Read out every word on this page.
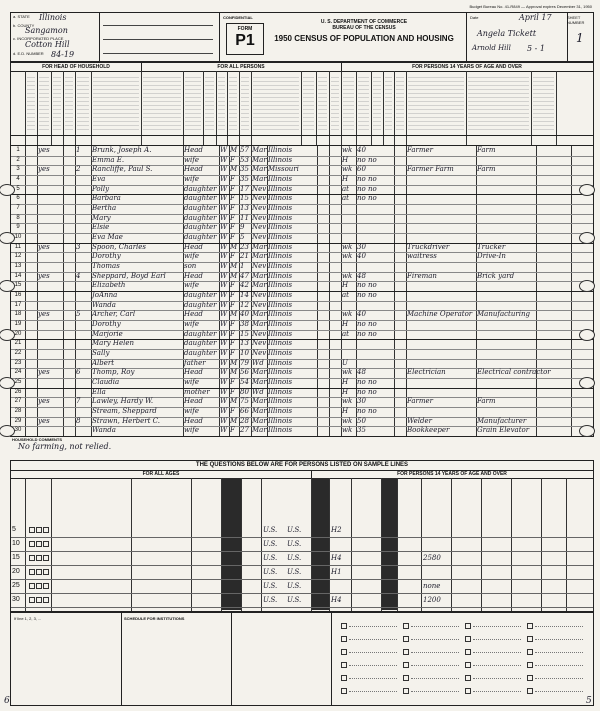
Budget Bureau No. 41-R849 — Approval expires December 31, 1950
a. STATE Illinois
b. COUNTY
Sangamon
c. INCORPORATED PLACE
Cotton Hill
d. E.D. NUMBER 84-19
FORM
P1
CONFIDENTIAL
U. S. DEPARTMENT OF COMMERCE
BUREAU OF THE CENSUS
1950 CENSUS OF POPULATION AND HOUSING
Date	April 17
Angela Tickett
Arnold Hill 5 - 1
SHEET NUMBER
1
FOR HEAD OF HOUSEHOLD	FOR ALL PERSONS	FOR PERSONS 14 YEARS OF AGE AND OVER
1	yes	1	Brunk, Joseph A.	Head	W M 57 Mar Illinois	wk 40	Farmer	Farm
2	Emma E.	wife	W F 53 Mar Illinois	H	no no
3	yes	2	Rancliffe, Paul S.	Head	W M 35 Mar Missouri	wk 60	Farmer Farm	Farm
4	Eva	wife	W F 35 Mar Illinois	H	no no
5	Polly	daughter W F 17 Nev Illinois	at	no no
6	Barbara	daughter W F 15 Nev Illinois	at	no no
7	Bertha	daughter W F 13 Nev Illinois
8	Mary	daughter W F 11 Nev Illinois
9	Elsie	daughter W F 9	Nev Illinois
10	Eva Mae	daughter W F 5	Nev Illinois
11	yes	3	Spoon, Charles	Head	W M 23 Mar Illinois	wk 30	Truckdriver	Trucker
12	Dorothy	wife	W F 21 Mar Illinois	wk 40	waitress	Drive-In
13	Thomas	son	W M 1	Nev Illinois
14	yes	4	Sheppard, Boyd Earl	Head	W M 47 Mar Illinois	wk 48	Fireman	Brick yard
15	Elizabeth	wife	W F 42 Mar Illinois	H	no no
16	JoAnna	daughter W F 14 Nev Illinois	at	no no
17	Wanda	daughter W F 12 Nev Illinois
18	yes	5	Archer, Carl	Head	W M 40 Mar Illinois	wk 40	Machine Operator Manufacturing
19	Dorothy	wife	W F 38 Mar Illinois	H	no no
20	Marjorie	daughter W F 15 Nev Illinois	at	no no
21	Mary Helen	daughter W F 13 Nev Illinois
22	Sally	daughter W F 10 Nev Illinois
23	Albert	father	W M 79 Wd Illinois	U
24	yes	6	Thomp, Roy	Head	W M 56 Mar Illinois	wk 48	Electrician	Electrical contractor
25	Claudia	wife	W F 54 Mar Illinois	H	no no
26	Ella	mother	W F 80 Wd Illinois	H	no no
27	yes	7	Lawley, Hardy W.	Head	W M 75 Mar Illinois	wk 30	Farmer	Farm
28	Stream, Sheppard	wife	W F 66 Mar Illinois	H	no no
29	yes	8	Strawn, Herbert C.	Head	W M 28 Mar Illinois	wk 50	Welder	Manufacturer
30	Wanda	wife	W F 27 Mar Illinois	wk 35	Bookkeeper	Grain Elevator
HOUSEHOLD COMMENTS
No farming, not relied.
THE QUESTIONS BELOW ARE FOR PERSONS LISTED ON SAMPLE LINES
FOR ALL AGES	FOR PERSONS 14 YEARS OF AGE AND OVER
5	U.S.	U.S.	H2
10	U.S.	U.S.
15	U.S.	U.S.	H4	2580
20	U.S.	U.S.	H1
25	U.S.	U.S.	none
30	U.S.	U.S.	H4	1200
If line 1, 2, 3, ...	SCHEDULE FOR INSTITUTIONS
6	5
